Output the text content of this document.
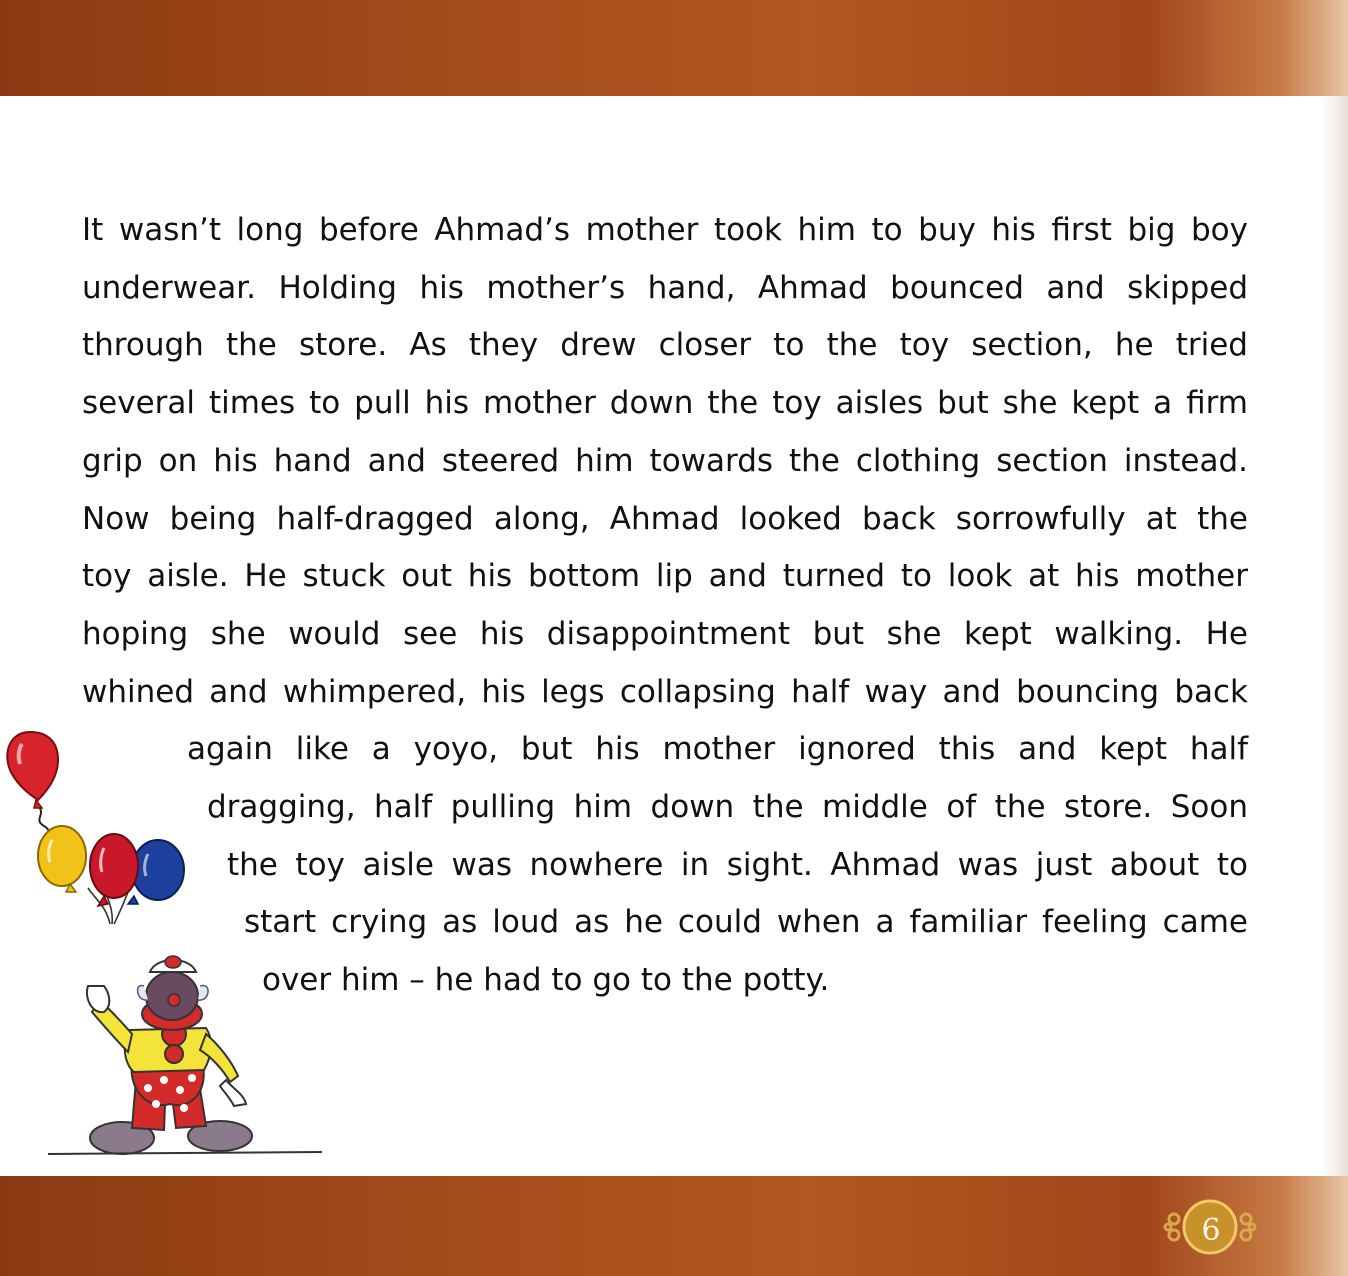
It wasn’t long before Ahmad’s mother took him to buy his first big boy
underwear. Holding his mother’s hand, Ahmad bounced and skipped
through the store. As they drew closer to the toy section, he tried
several times to pull his mother down the toy aisles but she kept a firm
grip on his hand and steered him towards the clothing section instead.
Now being half-dragged along, Ahmad looked back sorrowfully at the
toy aisle. He stuck out his bottom lip and turned to look at his mother
hoping she would see his disappointment but she kept walking. He
whined and whimpered, his legs collapsing half way and bouncing back
again like a yoyo, but his mother ignored this and kept half
dragging, half pulling him down the middle of the store. Soon
the toy aisle was nowhere in sight. Ahmad was just about to
start crying as loud as he could when a familiar feeling came
over him – he had to go to the potty.
6
